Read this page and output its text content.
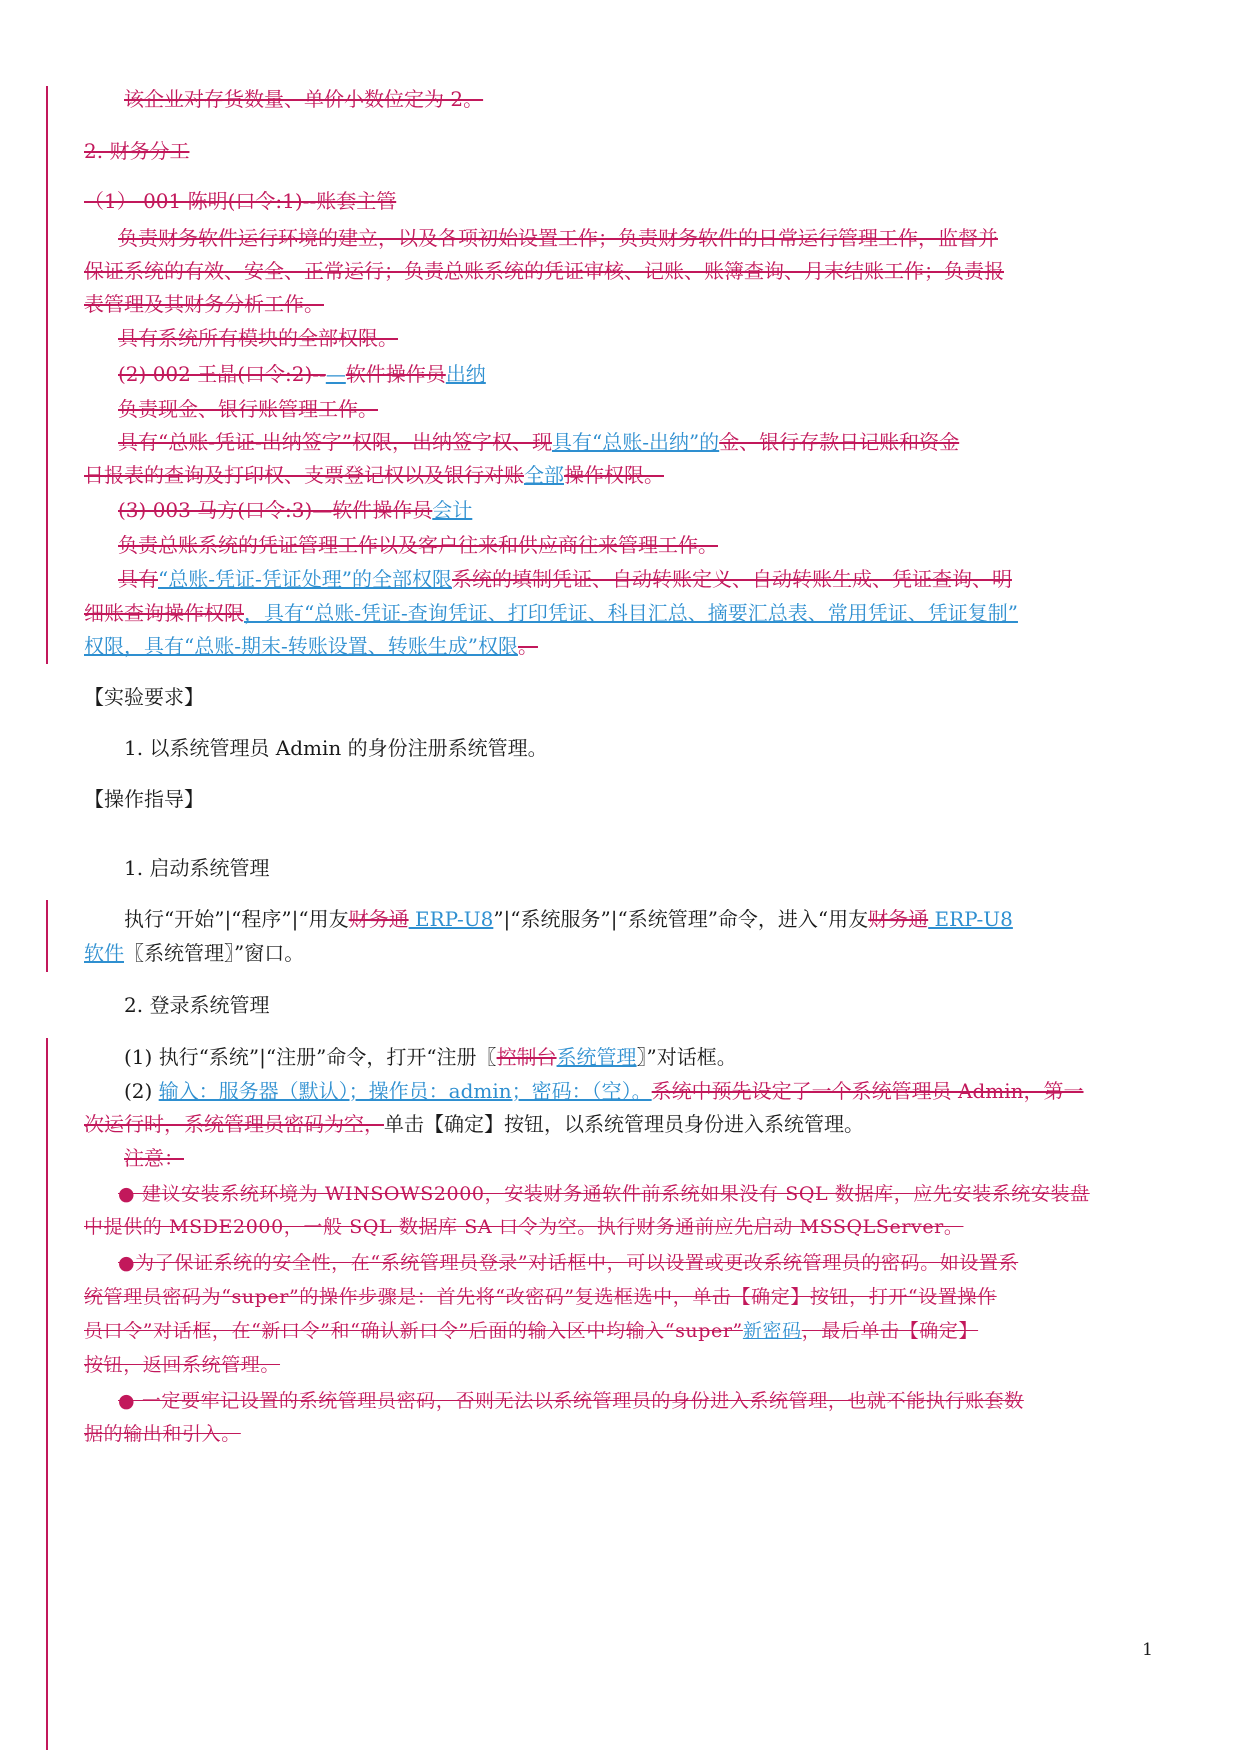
该企业对存货数量、单价小数位定为 2。
2. 财务分工
（1） 001 陈明(口令:1)--账套主管
负责财务软件运行环境的建立，以及各项初始设置工作；负责财务软件的日常运行管理工作，监督并
保证系统的有效、安全、正常运行；负责总账系统的凭证审核、记账、账簿查询、月末结账工作；负责报
表管理及其财务分析工作。
具有系统所有模块的全部权限。
(2) 002 王晶(口令:2)--—软件操作员出纳
负责现金、银行账管理工作。
具有“总账-凭证-出纳签字”权限，出纳签字权、现具有“总账-出纳”的金、银行存款日记账和资金
日报表的查询及打印权、支票登记权以及银行对账全部操作权限。
(3) 003 马方(口令:3)—软件操作员会计
负责总账系统的凭证管理工作以及客户往来和供应商往来管理工作。
具有“总账-凭证-凭证处理”的全部权限系统的填制凭证、自动转账定义、自动转账生成、凭证查询、明
细账查询操作权限，具有“总账-凭证-查询凭证、打印凭证、科目汇总、摘要汇总表、常用凭证、凭证复制”
权限，具有“总账-期末-转账设置、转账生成”权限。
【实验要求】
1. 以系统管理员 Admin 的身份注册系统管理。
【操作指导】
1. 启动系统管理
执行“开始”|“程序”|“用友财务通 ERP-U8”|“系统服务”|“系统管理”命令，进入“用友财务通 ERP-U8
软件〖系统管理〗”窗口。
2. 登录系统管理
(1) 执行“系统”|“注册”命令，打开“注册〖控制台系统管理〗”对话框。
(2) 输入：服务器（默认）；操作员：admin；密码：（空）。系统中预先设定了一个系统管理员 Admin，第一
次运行时，系统管理员密码为空，单击【确定】按钮，以系统管理员身份进入系统管理。
注意：
● 建议安装系统环境为 WINSOWS2000，安装财务通软件前系统如果没有 SQL 数据库，应先安装系统安装盘
中提供的 MSDE2000，一般 SQL 数据库 SA 口令为空。执行财务通前应先启动 MSSQLServer。
●为了保证系统的安全性，在“系统管理员登录”对话框中，可以设置或更改系统管理员的密码。如设置系
统管理员密码为“super”的操作步骤是：首先将“改密码”复选框选中，单击【确定】按钮，打开“设置操作
员口令”对话框，在“新口令”和“确认新口令”后面的输入区中均输入“super”新密码，最后单击【确定】
按钮，返回系统管理。
● 一定要牢记设置的系统管理员密码，否则无法以系统管理员的身份进入系统管理，也就不能执行账套数
据的输出和引入。
1
